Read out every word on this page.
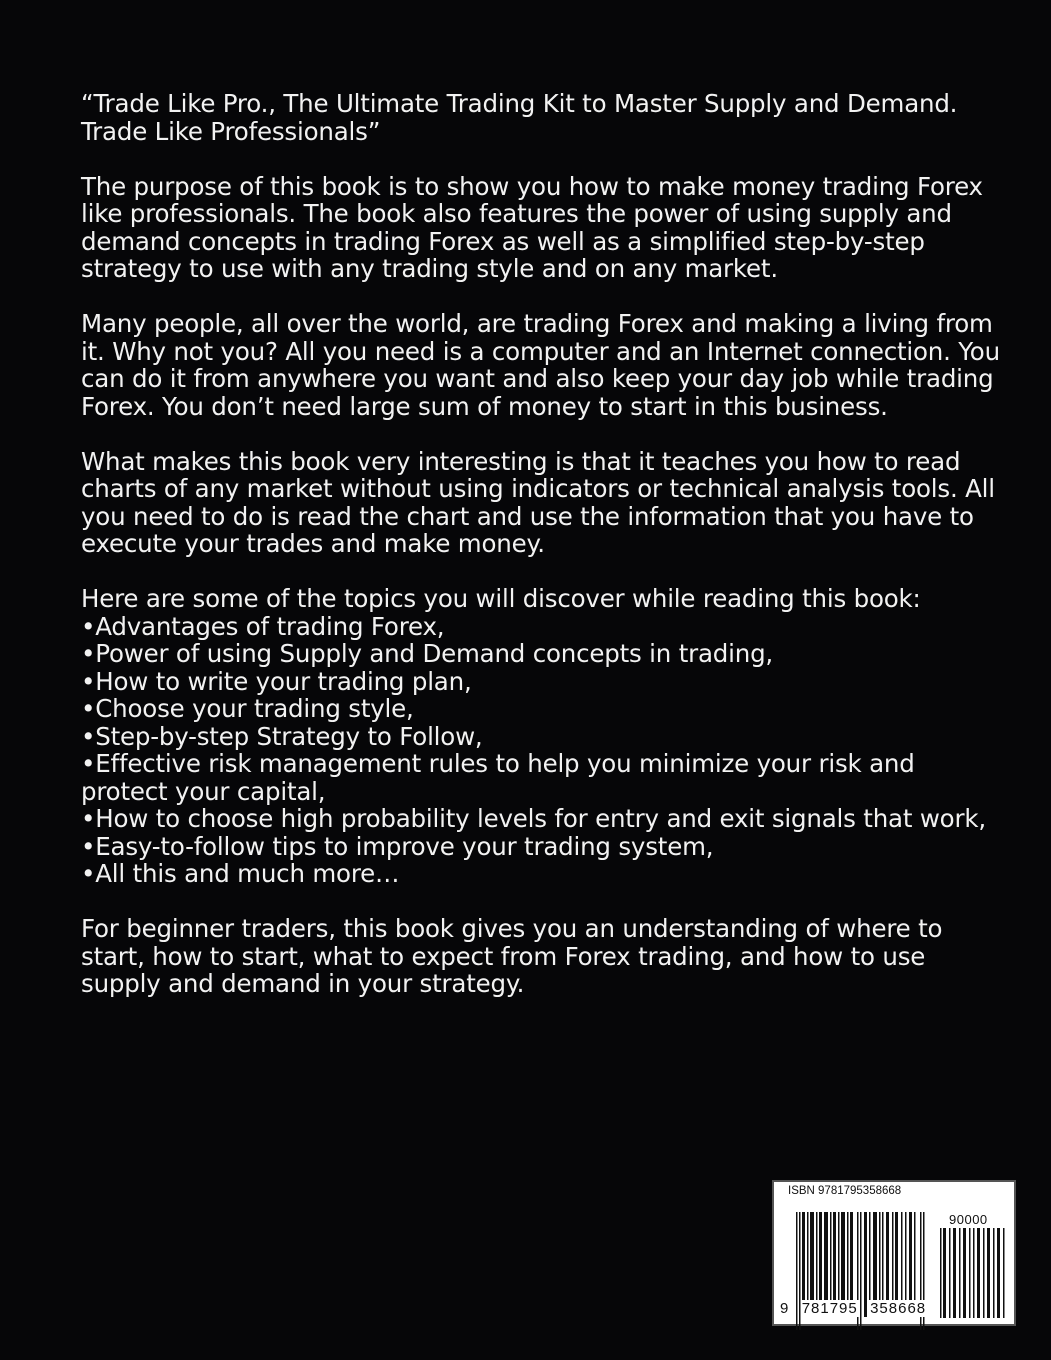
“Trade Like Pro., The Ultimate Trading Kit to Master Supply and Demand. Trade Like Professionals”

The purpose of this book is to show you how to make money trading Forex like professionals. The book also features the power of using supply and demand concepts in trading Forex as well as a simplified step-by-step strategy to use with any trading style and on any market.

Many people, all over the world, are trading Forex and making a living from it. Why not you? All you need is a computer and an Internet connection. You can do it from anywhere you want and also keep your day job while trading Forex. You don’t need large sum of money to start in this business.

What makes this book very interesting is that it teaches you how to read charts of any market without using indicators or technical analysis tools. All you need to do is read the chart and use the information that you have to execute your trades and make money.

Here are some of the topics you will discover while reading this book:
•Advantages of trading Forex,
•Power of using Supply and Demand concepts in trading,
•How to write your trading plan,
•Choose your trading style,
•Step-by-step Strategy to Follow,
•Effective risk management rules to help you minimize your risk and protect your capital,
•How to choose high probability levels for entry and exit signals that work,
•Easy-to-follow tips to improve your trading system,
•All this and much more…

For beginner traders, this book gives you an understanding of where to start, how to start, what to expect from Forex trading, and how to use supply and demand in your strategy.

ISBN 9781795358668
90000
9 781795 358668
